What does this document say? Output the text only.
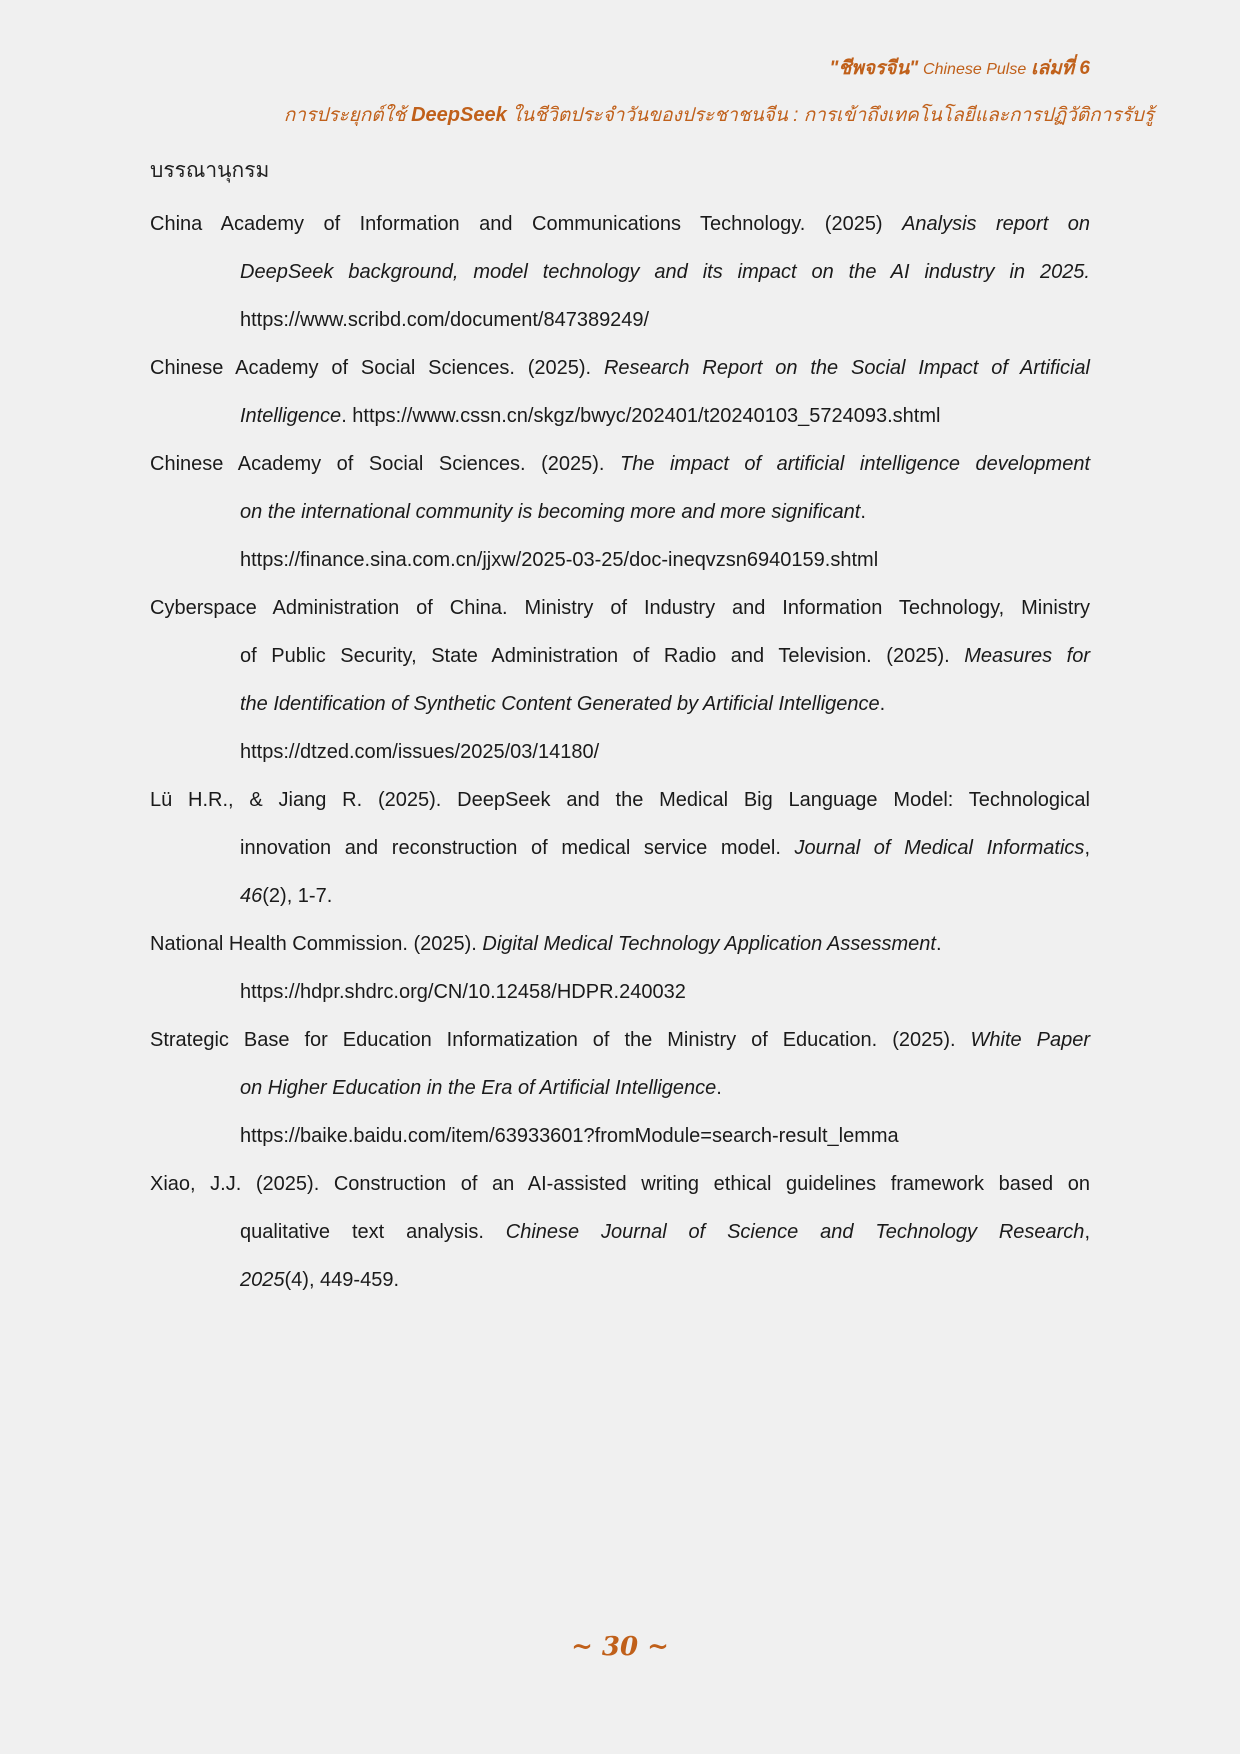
"ชีพจรจีน" Chinese Pulse เล่มที่ 6
การประยุกต์ใช้ DeepSeek ในชีวิตประจำวันของประชาชนจีน : การเข้าถึงเทคโนโลยีและการปฏิวัติการรับรู้
บรรณานุกรม

China Academy of Information and Communications Technology. (2025) Analysis report on
DeepSeek background, model technology and its impact on the AI industry in 2025.
https://www.scribd.com/document/847389249/

Chinese Academy of Social Sciences. (2025). Research Report on the Social Impact of Artificial
Intelligence. https://www.cssn.cn/skgz/bwyc/202401/t20240103_5724093.shtml

Chinese Academy of Social Sciences. (2025). The impact of artificial intelligence development
on the international community is becoming more and more significant.
https://finance.sina.com.cn/jjxw/2025-03-25/doc-ineqvzsn6940159.shtml

Cyberspace Administration of China. Ministry of Industry and Information Technology, Ministry
of Public Security, State Administration of Radio and Television. (2025). Measures for
the Identification of Synthetic Content Generated by Artificial Intelligence.
https://dtzed.com/issues/2025/03/14180/

Lü H.R., & Jiang R. (2025). DeepSeek and the Medical Big Language Model: Technological
innovation and reconstruction of medical service model. Journal of Medical Informatics,
46(2), 1-7.

National Health Commission. (2025). Digital Medical Technology Application Assessment.
https://hdpr.shdrc.org/CN/10.12458/HDPR.240032

Strategic Base for Education Informatization of the Ministry of Education. (2025). White Paper
on Higher Education in the Era of Artificial Intelligence.
https://baike.baidu.com/item/63933601?fromModule=search-result_lemma

Xiao, J.J. (2025). Construction of an AI-assisted writing ethical guidelines framework based on
qualitative text analysis. Chinese Journal of Science and Technology Research,
2025(4), 449-459.

~ 30 ~
